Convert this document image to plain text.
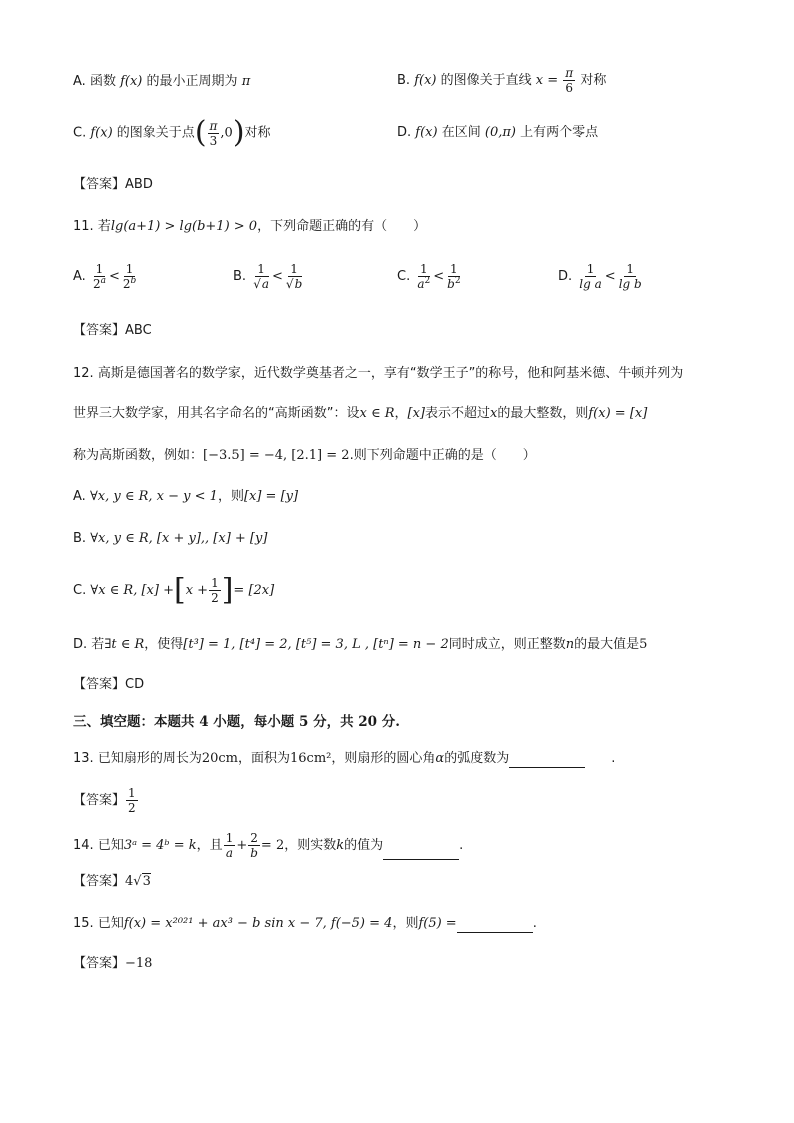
A. 函数 f(x) 的最小正周期为 π	B. f(x) 的图像关于直线 $x = \frac{\pi}{6}$ 对称
C. f(x) 的图象关于点( $\frac{\pi}{3} ,0$)对称	D. f(x) 在区间 (0,π) 上有两个零点
【答案】ABD
11. 若lg(a+1) > lg(b+1) > 0，下列命题正确的有（　　）
A. $\frac{1}{2^a} < \frac{1}{2^b}$	B. $\frac{1}{√a} < \frac{1}{√b}$	C. $\frac{1}{a^2} < \frac{1}{b^2}$	D. $\frac{1}{\text{lg a}} < \frac{1}{\text{lg b}}$
【答案】ABC
12. 高斯是德国著名的数学家，近代数学奠基者之一，享有“数学王子”的称号，他和阿基米德、牛顿并列为
世界三大数学家，用其名字命名的“高斯函数”：设x ∈ R，[x]表示不超过x的最大整数，则f(x) = [x]
称为高斯函数，例如：[−3.5] = −4, [2.1] = 2.则下列命题中正确的是（　　）
A. ∀x, y ∈ R, x − y < 1，则[x] = [y]
B. ∀x, y ∈ R, [x + y],, [x] + [y]
C. ∀x ∈ R, $[x] +[x + \frac{1}{2}$ ]= [2x]
D. 若∃t ∈ R，使得[t³] = 1, [t⁴] = 2, [t⁵] = 3, L , [tⁿ] = n − 2同时成立，则正整数n的最大值是5
【答案】CD
三、填空题：本题共 4 小题，每小题 5 分，共 20 分.
13. 已知扇形的周长为20cm，面积为16cm²，则扇形的圆心角α的弧度数为	.
【答案】 $\frac{1}{2}$
14. 已知3ᵃ = 4ᵇ = k，且 $\frac{1}{a} + \frac{2}{b} = 2$，则实数k的值为	.
【答案】4√3
15. 已知f(x) = x²⁰²¹ + ax³ − b sin x − 7, f(−5) = 4，则f(5) =	.
【答案】−18
